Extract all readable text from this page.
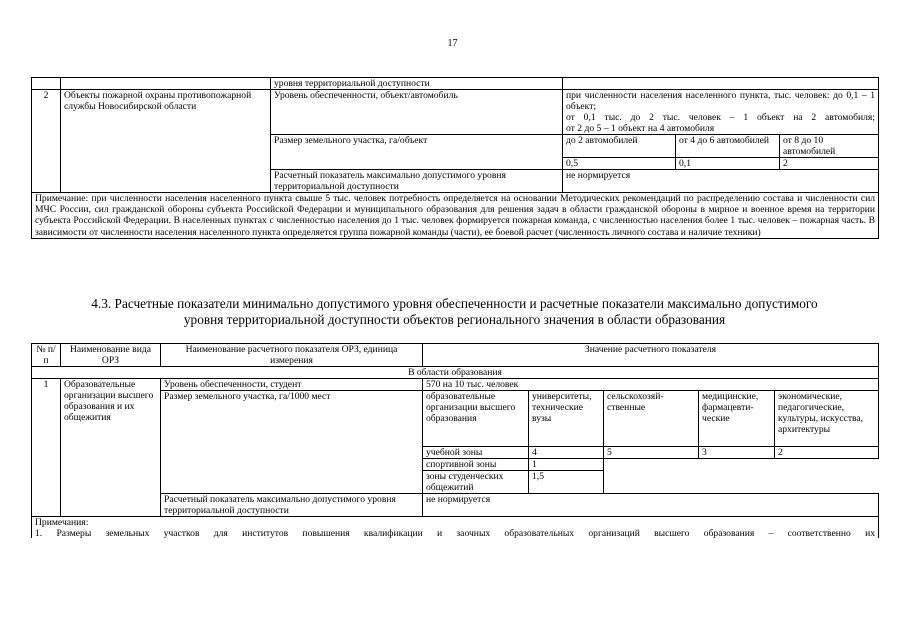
17
		уровня территориальной доступности			
2	Объекты пожарной охраны противопожарной службы Новосибирской области	Уровень обеспеченности, объект/автомобиль	при численности населения населенного пункта, тыс. человек: до 0,1 – 1 объект;
от 0,1 тыс. до 2 тыс. человек – 1 объект на 2 автомобиля;
от 2 до 5 – 1 объект на 4 автомобиля		

		Размер земельного участка, га/объект	до 2 автомобилей	от 4 до 6 автомобилей	от 8 до 10 автомобилей
			0,5	0,1	2
		Расчетный показатель максимально допустимого уровня территориальной доступности	не нормируется		
Примечание: при численности населения населенного пункта свыше 5 тыс. человек потребность определяется на основании Методических рекомендаций по распределению состава и численности сил МЧС России, сил гражданской обороны субъекта Российской Федерации и муниципального образования для решения задач в области гражданской обороны в мирное и военное время на территории субъекта Российской Федерации. В населенных пунктах с численностью населения до 1 тыс. человек формируется пожарная команда, с численностью населения более 1 тыс. человек – пожарная часть. В зависимости от численности населения населенного пункта определяется группа пожарной команды (части), ее боевой расчет (численность личного состава и наличие техники)					
4.3. Расчетные показатели минимально допустимого уровня обеспеченности и расчетные показатели максимально допустимого
уровня территориальной доступности объектов регионального значения в области образования
№ п/п	Наименование вида ОРЗ	Наименование расчетного показателя ОРЗ, единица измерения	Значение расчетного показателя				
В области образования							
1	Образовательные организации высшего образования и их общежития	Уровень обеспеченности, студент	570 на 10 тыс. человек				
		Размер земельного участка, га/1000 мест	образовательные организации высшего образования	университеты, технические вузы	сельскохозяй-ственные	медицинские, фармацевти-ческие	экономические, педагогические, культуры, искусства, архитектуры
			учебной зоны	4	5	3	2
			спортивной зоны	1			
			зоны студенческих общежитий	1,5			
		Расчетный показатель максимально допустимого уровня территориальной доступности	не нормируется				

Примечания:
1. Размеры земельных участков для институтов повышения квалификации и заочных образовательных организаций высшего образования – соответственно их							
